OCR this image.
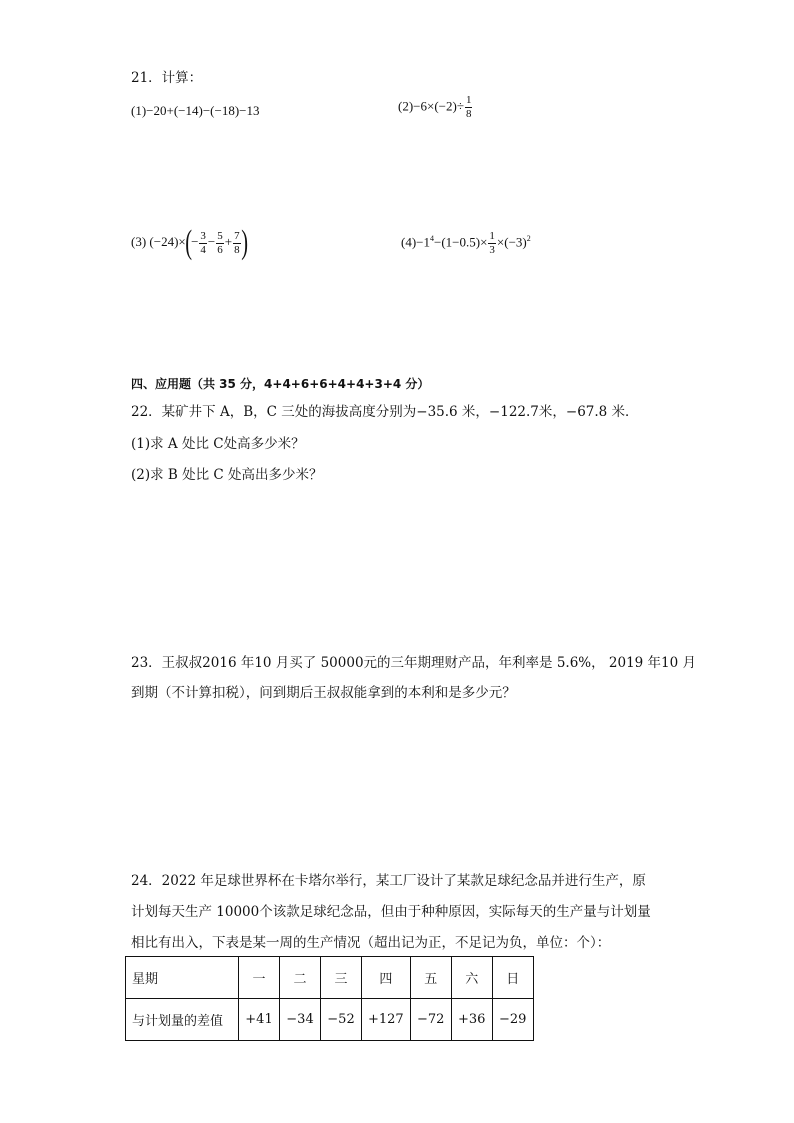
21．计算：
(1)−20+(−14)−(−18)−13	$(2)-6\times(-2)\div \frac{1}{8}$
(3) $(-24)\times(- \frac{3}{4} - \frac{5}{6} + \frac{7}{8}$ )	$(4)-1^4-(1-0.5)\times \frac{1}{3} \times(-3)^2$
四、应用题（共 35 分，4+4+6+6+4+4+3+4 分）
22．某矿井下 A，B，C 三处的海拔高度分别为−35.6 米，−122.7米，−67.8 米．
(1)求 A 处比 C处高多少米？
(2)求 B 处比 C 处高出多少米？
23．王叔叔2016 年10 月买了 50000元的三年期理财产品，年利率是 5.6%， 2019 年10 月
到期（不计算扣税），问到期后王叔叔能拿到的本利和是多少元？
24．2022 年足球世界杯在卡塔尔举行，某工厂设计了某款足球纪念品并进行生产，原
计划每天生产 10000个该款足球纪念品，但由于种种原因，实际每天的生产量与计划量
相比有出入，下表是某一周的生产情况（超出记为正，不足记为负，单位：个）：
星期	一	二	三	四	五	六	日
与计划量的差值	+41	−34	−52	+127	−72	+36	−29
